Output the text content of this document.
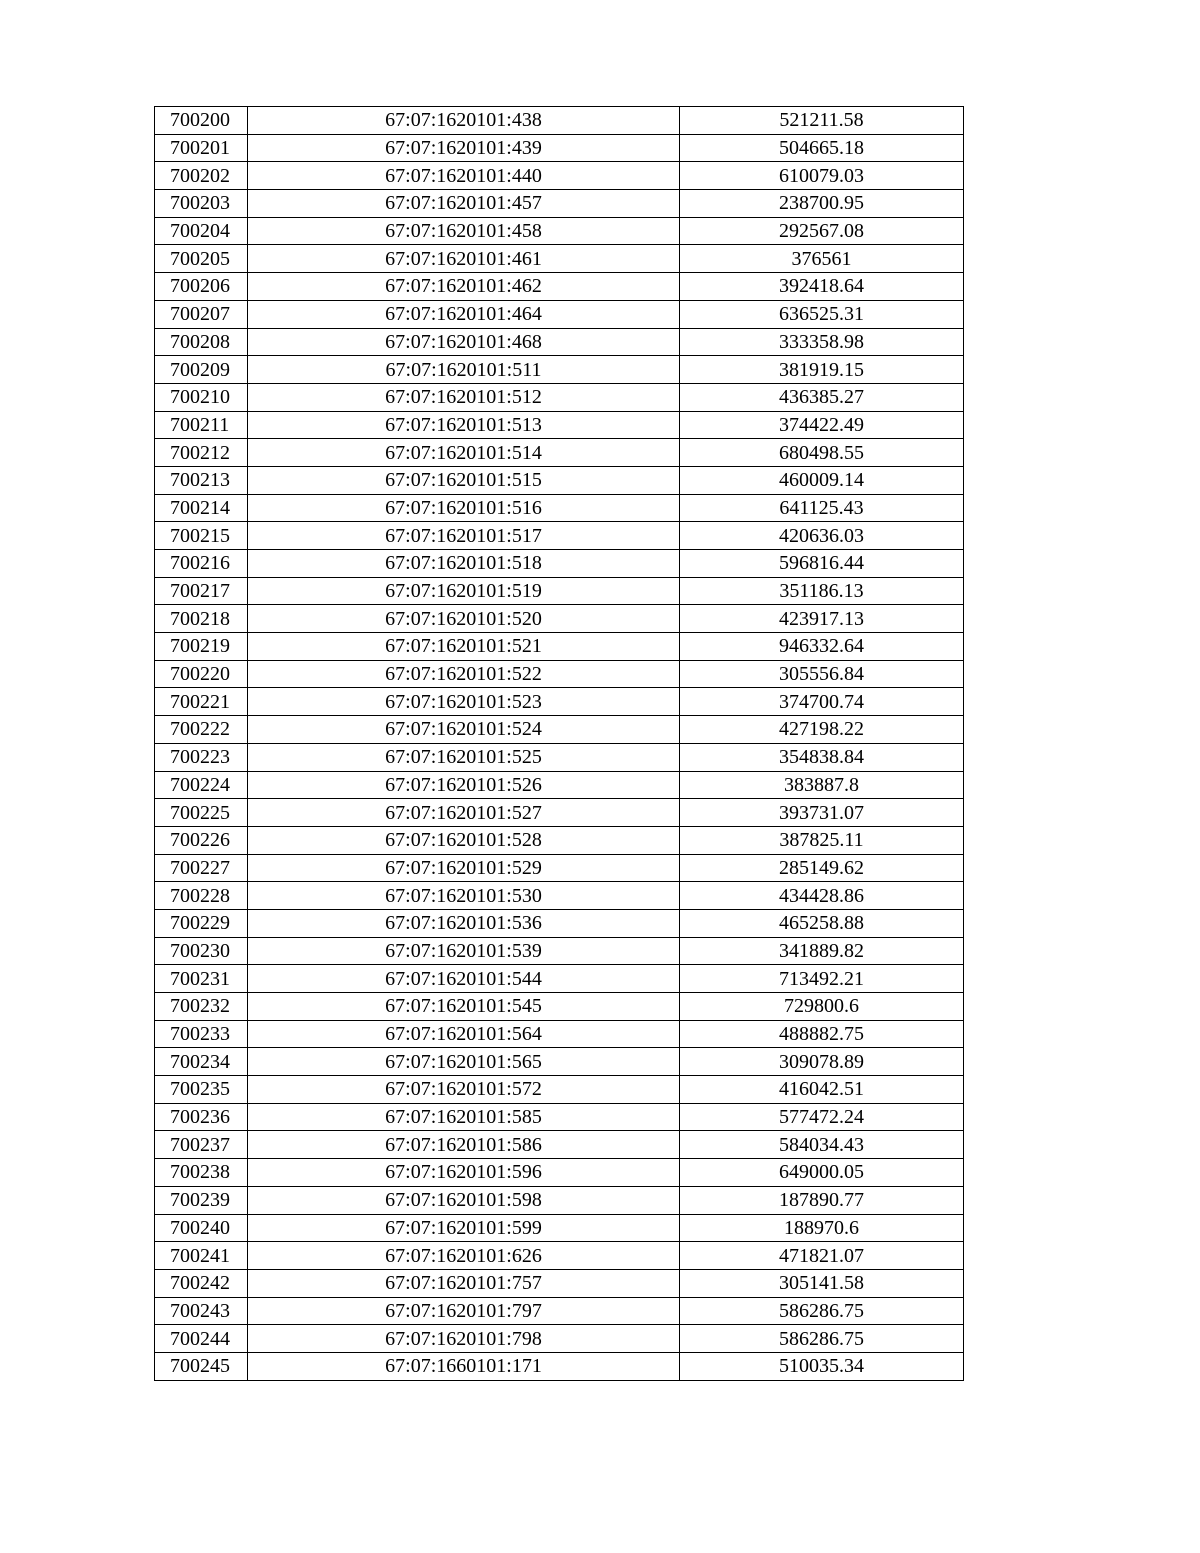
700200	67:07:1620101:438	521211.58
700201	67:07:1620101:439	504665.18
700202	67:07:1620101:440	610079.03
700203	67:07:1620101:457	238700.95
700204	67:07:1620101:458	292567.08
700205	67:07:1620101:461	376561
700206	67:07:1620101:462	392418.64
700207	67:07:1620101:464	636525.31
700208	67:07:1620101:468	333358.98
700209	67:07:1620101:511	381919.15
700210	67:07:1620101:512	436385.27
700211	67:07:1620101:513	374422.49
700212	67:07:1620101:514	680498.55
700213	67:07:1620101:515	460009.14
700214	67:07:1620101:516	641125.43
700215	67:07:1620101:517	420636.03
700216	67:07:1620101:518	596816.44
700217	67:07:1620101:519	351186.13
700218	67:07:1620101:520	423917.13
700219	67:07:1620101:521	946332.64
700220	67:07:1620101:522	305556.84
700221	67:07:1620101:523	374700.74
700222	67:07:1620101:524	427198.22
700223	67:07:1620101:525	354838.84
700224	67:07:1620101:526	383887.8
700225	67:07:1620101:527	393731.07
700226	67:07:1620101:528	387825.11
700227	67:07:1620101:529	285149.62
700228	67:07:1620101:530	434428.86
700229	67:07:1620101:536	465258.88
700230	67:07:1620101:539	341889.82
700231	67:07:1620101:544	713492.21
700232	67:07:1620101:545	729800.6
700233	67:07:1620101:564	488882.75
700234	67:07:1620101:565	309078.89
700235	67:07:1620101:572	416042.51
700236	67:07:1620101:585	577472.24
700237	67:07:1620101:586	584034.43
700238	67:07:1620101:596	649000.05
700239	67:07:1620101:598	187890.77
700240	67:07:1620101:599	188970.6
700241	67:07:1620101:626	471821.07
700242	67:07:1620101:757	305141.58
700243	67:07:1620101:797	586286.75
700244	67:07:1620101:798	586286.75
700245	67:07:1660101:171	510035.34
